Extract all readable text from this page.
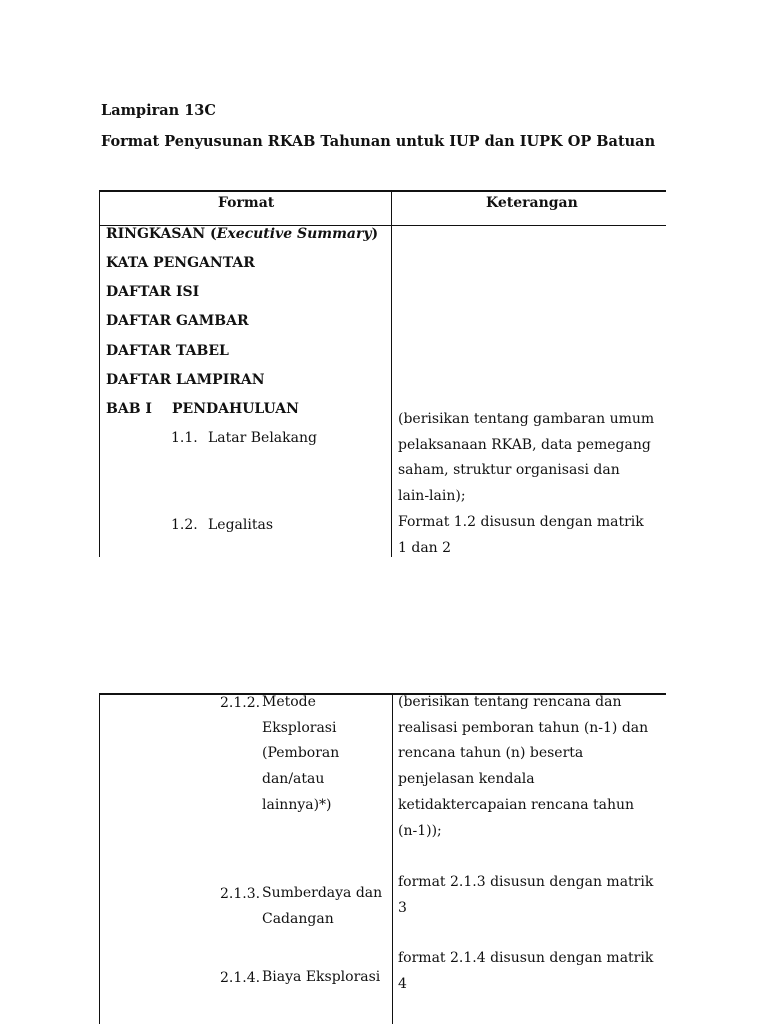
Lampiran 13C
Format Penyusunan RKAB Tahunan untuk IUP dan IUPK OP Batuan
Format	Keterangan
RINGKASAN (Executive Summary)
KATA PENGANTAR
DAFTAR ISI
DAFTAR GAMBAR
DAFTAR TABEL
DAFTAR LAMPIRAN
BAB I PENDAHULUAN
1.1. Latar Belakang
(berisikan tentang gambaran umum
pelaksanaan RKAB, data pemegang
saham, struktur organisasi dan
lain-lain);
1.2. Legalitas	Format 1.2 disusun dengan matrik
1 dan 2
2.1.2. Metode
Eksplorasi
(Pemboran
dan/atau
lainnya)*)
(berisikan tentang rencana dan
realisasi pemboran tahun (n-1) dan
rencana tahun (n) beserta
penjelasan kendala
ketidaktercapaian rencana tahun
(n-1));
2.1.3. Sumberdaya dan
Cadangan
format 2.1.3 disusun dengan matrik
3
2.1.4. Biaya Eksplorasi
format 2.1.4 disusun dengan matrik
4
